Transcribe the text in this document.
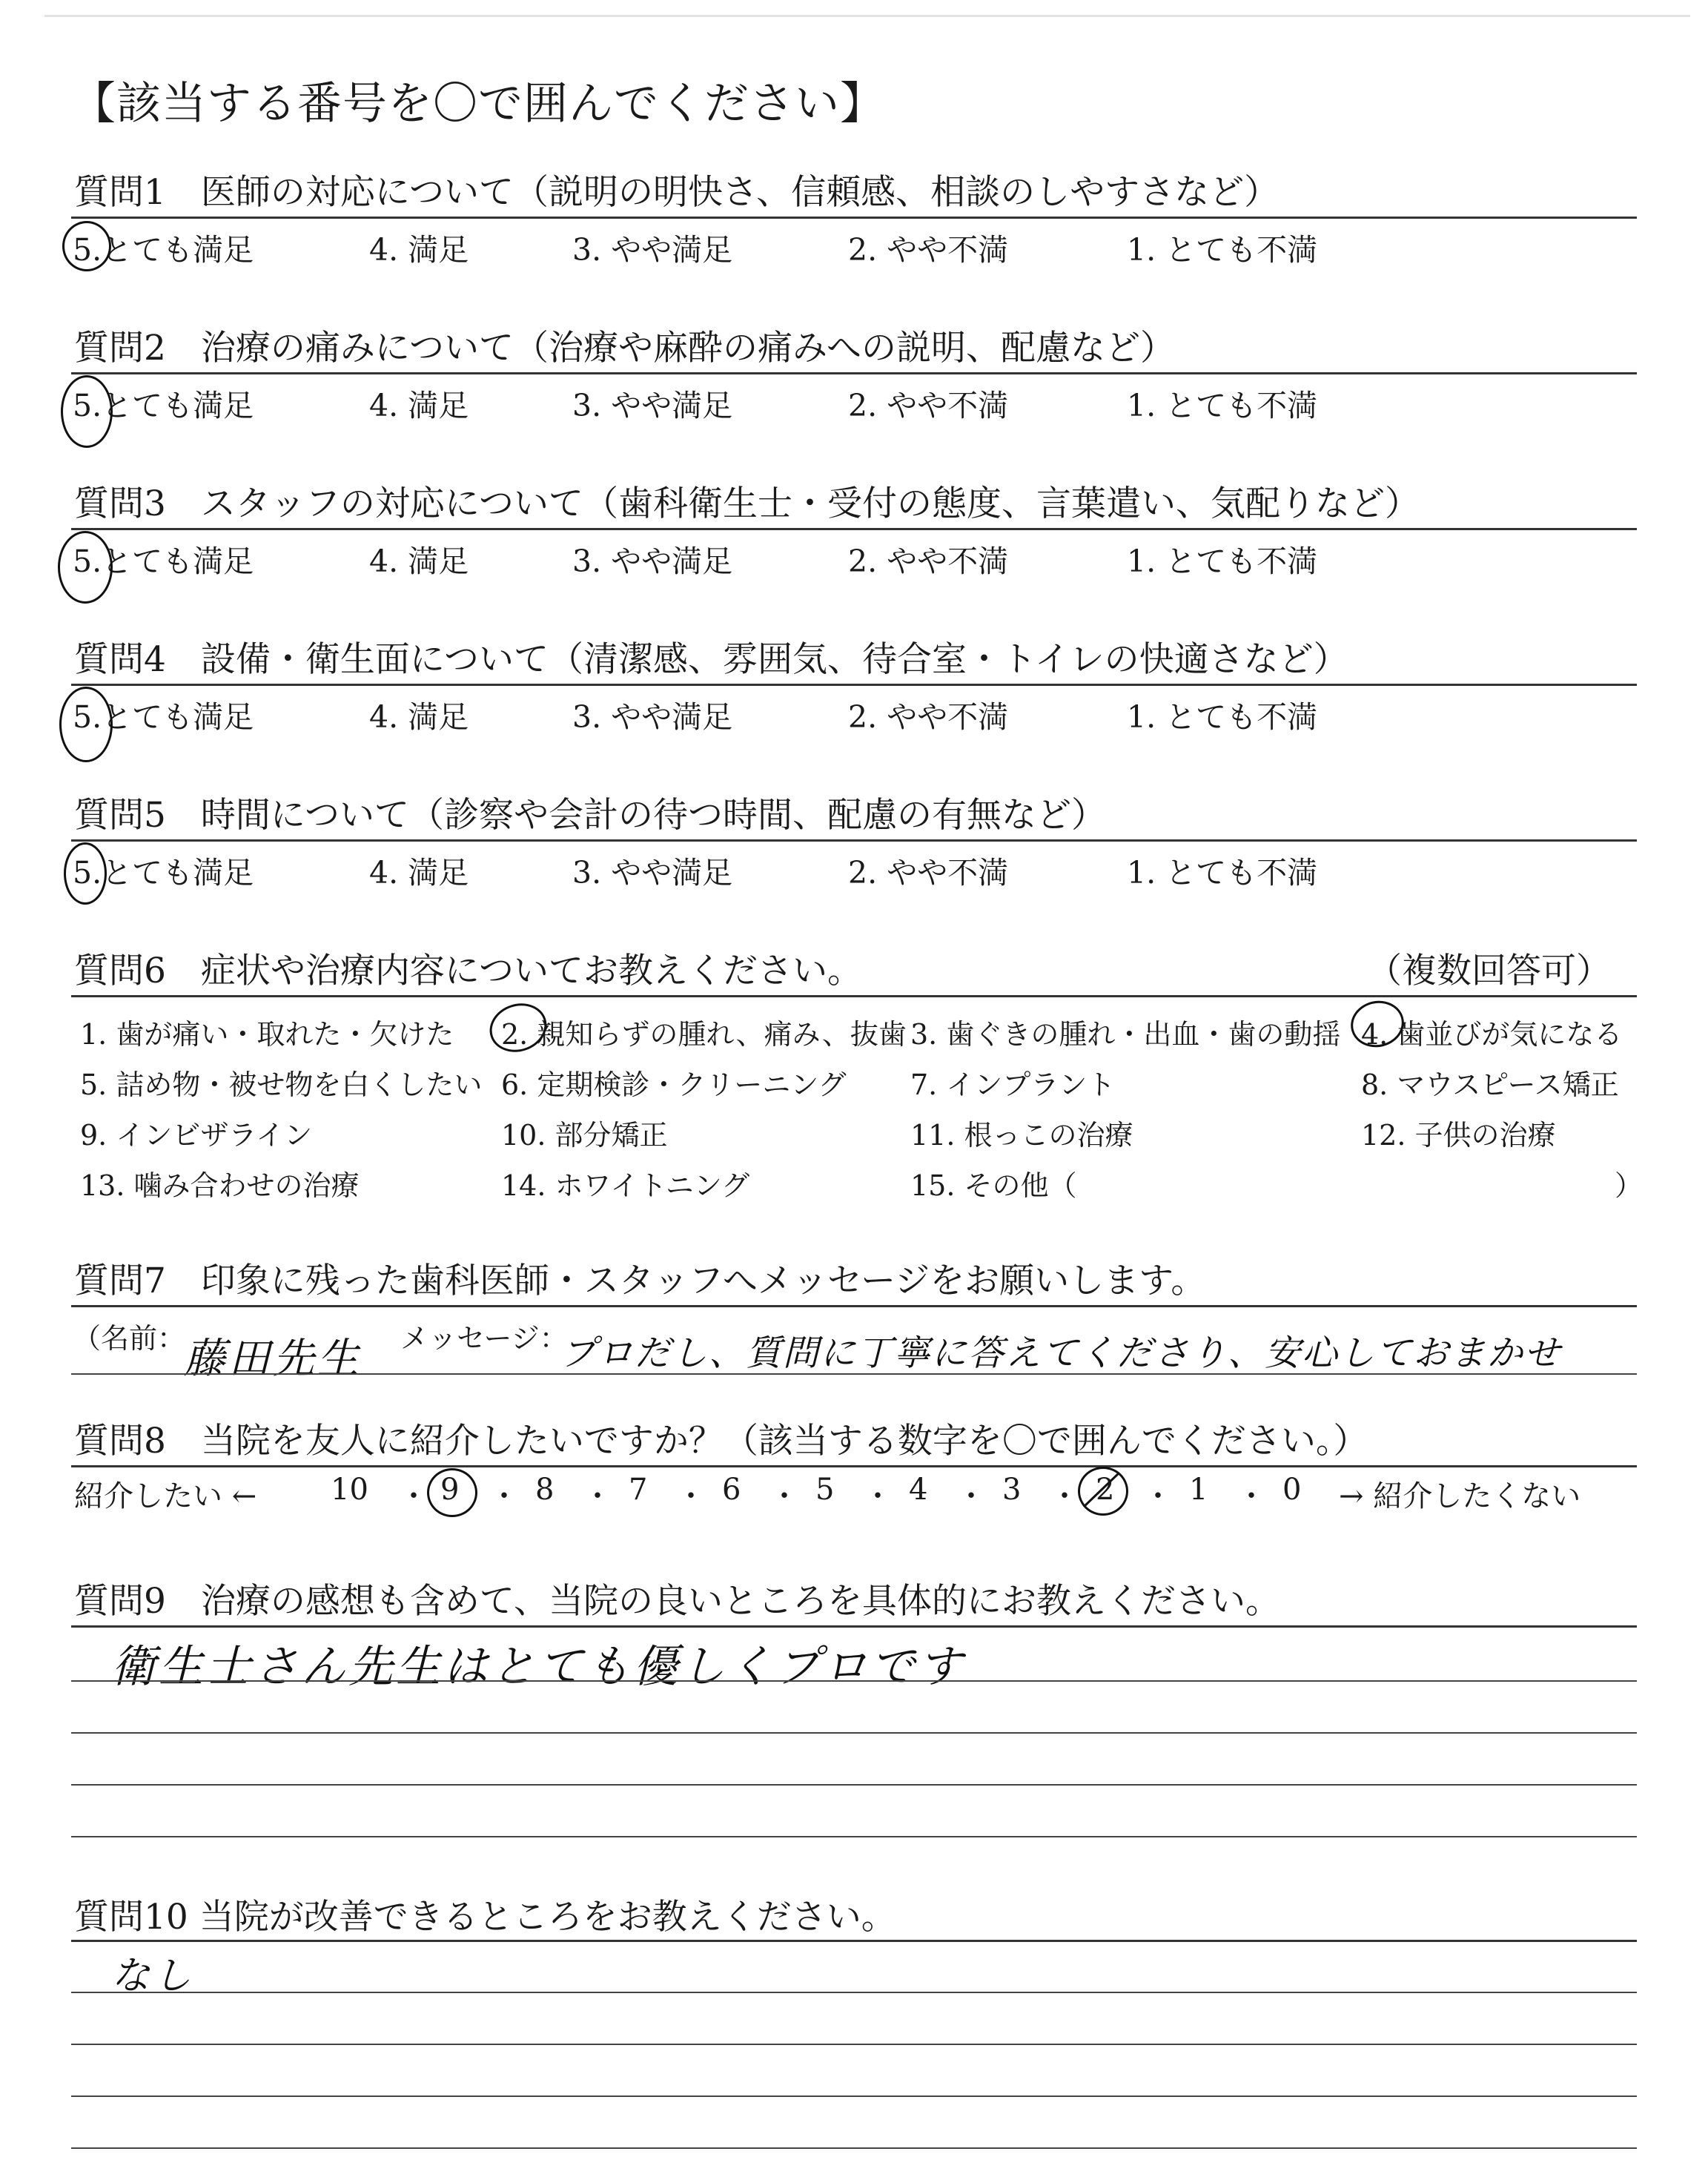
【該当する番号を〇で囲んでください】
質問1　医師の対応について（説明の明快さ、信頼感、相談のしやすさなど）
5.とても満足	4. 満足	3. やや満足	2. やや不満	1. とても不満
質問2　治療の痛みについて（治療や麻酔の痛みへの説明、配慮など）
5.とても満足	4. 満足	3. やや満足	2. やや不満	1. とても不満
質問3　スタッフの対応について（歯科衛生士・受付の態度、言葉遣い、気配りなど）
5.とても満足	4. 満足	3. やや満足	2. やや不満	1. とても不満
質問4　設備・衛生面について（清潔感、雰囲気、待合室・トイレの快適さなど）
5.とても満足	4. 満足	3. やや満足	2. やや不満	1. とても不満
質問5　時間について（診察や会計の待つ時間、配慮の有無など）
5.とても満足	4. 満足	3. やや満足	2. やや不満	1. とても不満
質問6　症状や治療内容についてお教えください。	（複数回答可）
1. 歯が痛い・取れた・欠けた 2. 親知らずの腫れ、痛み、抜歯 3. 歯ぐきの腫れ・出血・歯の動揺 4. 歯並びが気になる
5. 詰め物・被せ物を白くしたい 6. 定期検診・クリーニング 7. インプラント	8. マウスピース矯正
9. インビザライン	10. 部分矯正	11. 根っこの治療	12. 子供の治療
13. 噛み合わせの治療	14. ホワイトニング	15. その他（	）
質問7　印象に残った歯科医師・スタッフへメッセージをお願いします。
（名前：
藤田先生 メッセージ：
プロだし、質問に丁寧に答えてくださり、安心しておまかせ
質問8　当院を友人に紹介したいですか？（該当する数字を〇で囲んでください。）
紹介したい ← 10 ・ 9 ・ 8 ・ 7 ・ 6 ・ 5 ・ 4 ・ 3 ・ 2 ・ 1 ・ 0 → 紹介したくない
質問9　治療の感想も含めて、当院の良いところを具体的にお教えください。
衛生士さん先生はとても優しくプロです
質問10 当院が改善できるところをお教えください。
なし
